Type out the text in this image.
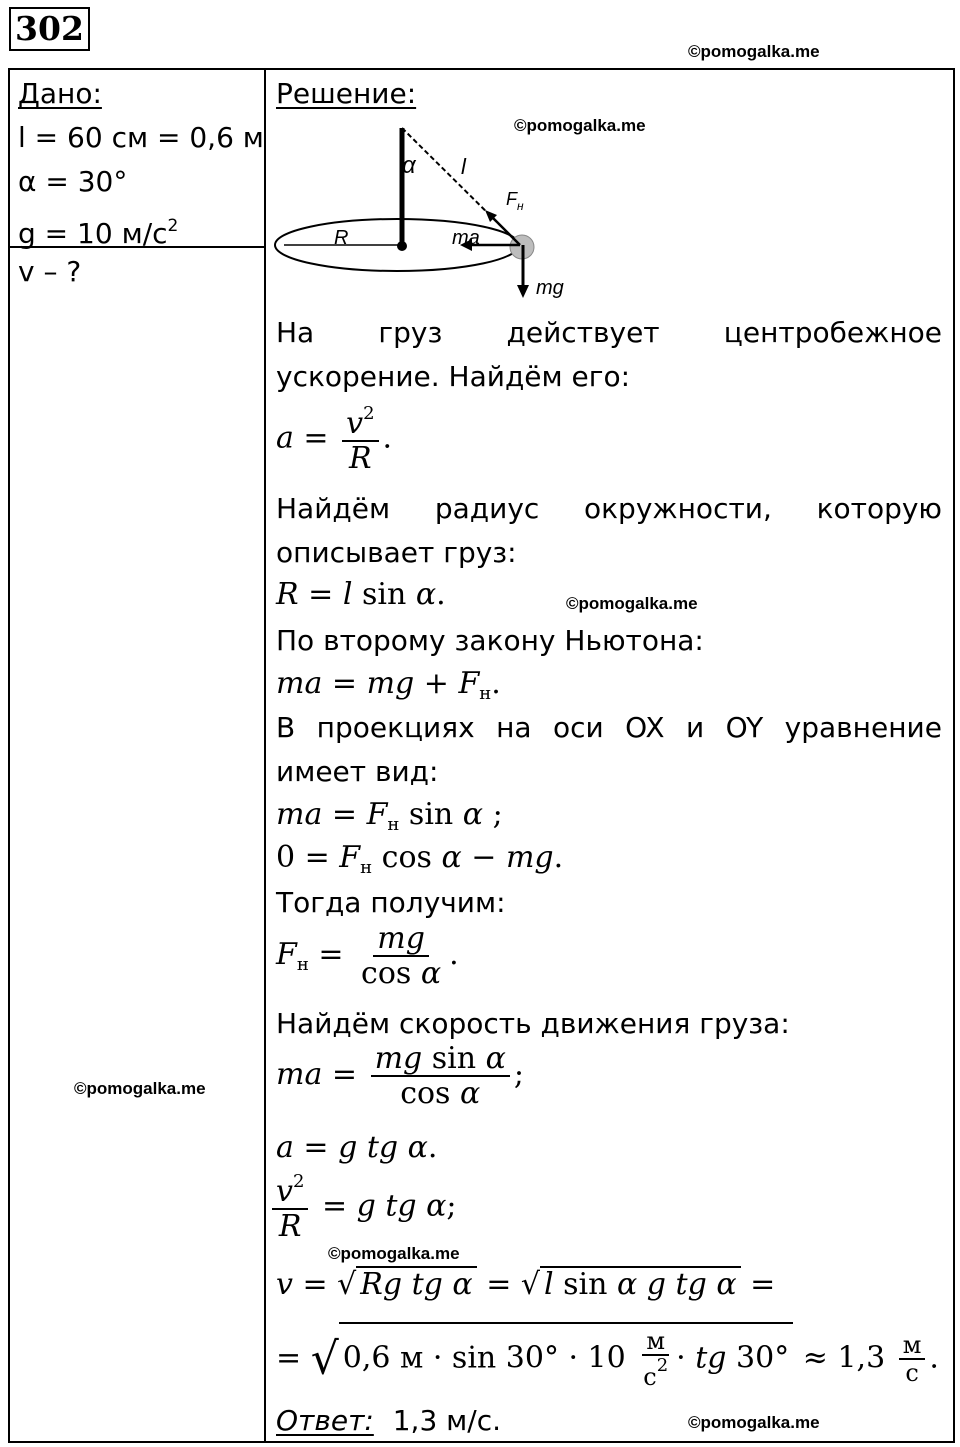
302
©pomogalka.me
Дано:
l = 60 см = 0,6 м
α = 30°
g = 10 $м/с^2$
v – ?
Решение:
©pomogalka.me
α l
F н
R	ma
mg
На груз действует центробежное
ускорение. Найдём его:
$a = \frac{v^2}{R}$ .
Найдём радиус окружности, которую
описывает груз:
R = l sin α.	©pomogalka.me
По второму закону Ньютона:
ma = mg + $F_н$.
В проекциях на оси OX и OY уравнение
имеет вид:
ma = $F_н$ sin α ;
$0 = F_н$ cos α − mg.
Тогда получим:
$F_н = \frac{mg}{\text{cos α}}$ .
Найдём скорость движения груза:
ma = $\frac{\text{mg sin α}}{\text{cos α}}$ ;
©pomogalka.me
a = g tg α.
$\frac{v^2}{R} = g$ tg α;
©pomogalka.me
v = √ Rg tg α = √ l sin α g tg α =
= √ 0,6 $м \cdot \sin 30^\circ \cdot 10 \frac{м}{с^2}$ · tg $30^\circ \approx 1,3 \frac{м}{с}$ .
Ответ: 1,3 м/с.	©pomogalka.me
